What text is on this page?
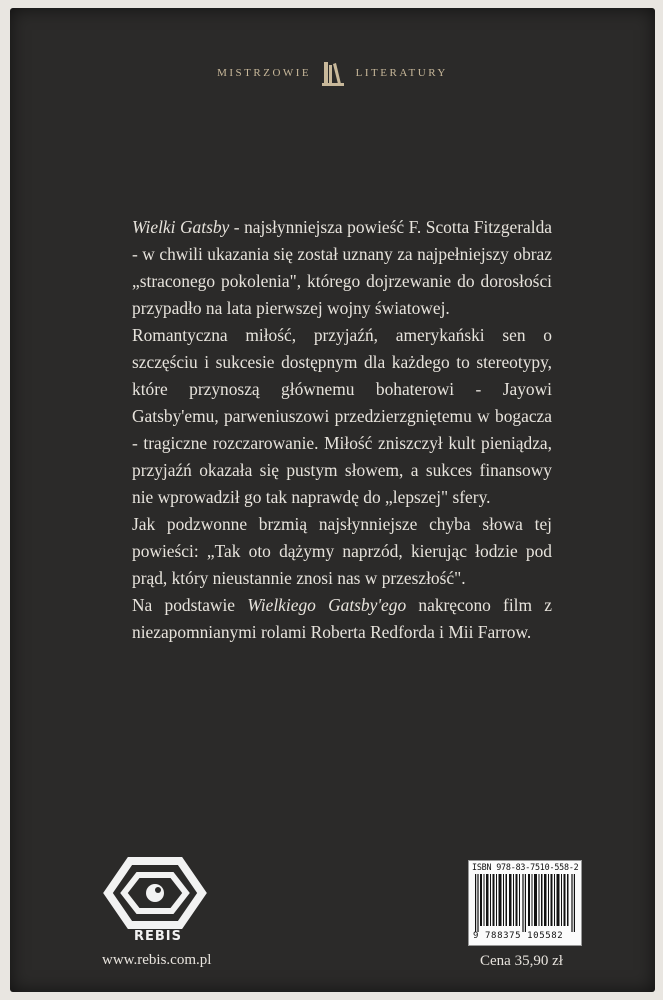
MISTRZOWIE	LITERATURY

Wielki Gatsby - najsłynniejsza powieść F. Scotta Fitzgeralda - w chwili ukazania się został uznany za najpełniejszy obraz „straconego pokolenia", którego dojrzewanie do dorosłości przypadło na lata pierwszej wojny światowej.

Romantyczna miłość, przyjaźń, amerykański sen o szczęściu i sukcesie dostępnym dla każdego to stereotypy, które przynoszą głównemu bohaterowi - Jayowi Gatsby'emu, parweniuszowi przedzierzgniętemu w bogacza - tragiczne rozczarowanie. Miłość zniszczył kult pieniądza, przyjaźń okazała się pustym słowem, a sukces finansowy nie wprowadził go tak naprawdę do „lepszej" sfery.

Jak podzwonne brzmią najsłynniejsze chyba słowa tej powieści: „Tak oto dążymy naprzód, kierując łodzie pod prąd, który nieustannie znosi nas w przeszłość".

Na podstawie Wielkiego Gatsby'ego nakręcono film z niezapomnianymi rolami Roberta Redforda i Mii Farrow.

REBIS
www.rebis.com.pl
ISBN 978-83-7510-558-2
9 788375 105582
Cena 35,90 zł
